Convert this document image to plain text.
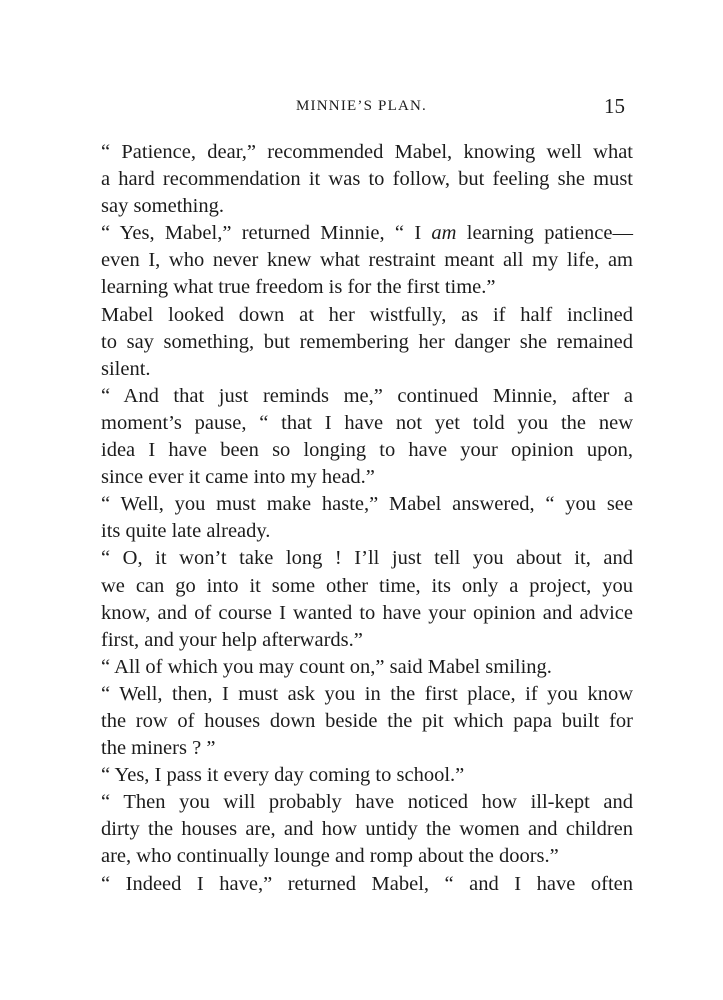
MINNIE’S PLAN.	15

“ Patience, dear,” recommended Mabel, knowing well what
a hard recommendation it was to follow, but feeling she must
say something.

“ Yes, Mabel,” returned Minnie, “ I am learning patience—
even I, who never knew what restraint meant all my life, am
learning what true freedom is for the first time.”

Mabel looked down at her wistfully, as if half inclined
to say something, but remembering her danger she remained
silent.

“ And that just reminds me,” continued Minnie, after a
moment’s pause, “ that I have not yet told you the new
idea I have been so longing to have your opinion upon,
since ever it came into my head.”

“ Well, you must make haste,” Mabel answered, “ you see
its quite late already.

“ O, it won’t take long ! I’ll just tell you about it, and
we can go into it some other time, its only a project, you
know, and of course I wanted to have your opinion and advice
first, and your help afterwards.”

“ All of which you may count on,” said Mabel smiling.

“ Well, then, I must ask you in the first place, if you know
the row of houses down beside the pit which papa built for
the miners ? ”

“ Yes, I pass it every day coming to school.”

“ Then you will probably have noticed how ill-kept and
dirty the houses are, and how untidy the women and children
are, who continually lounge and romp about the doors.”

“ Indeed I have,” returned Mabel, “ and I have often
